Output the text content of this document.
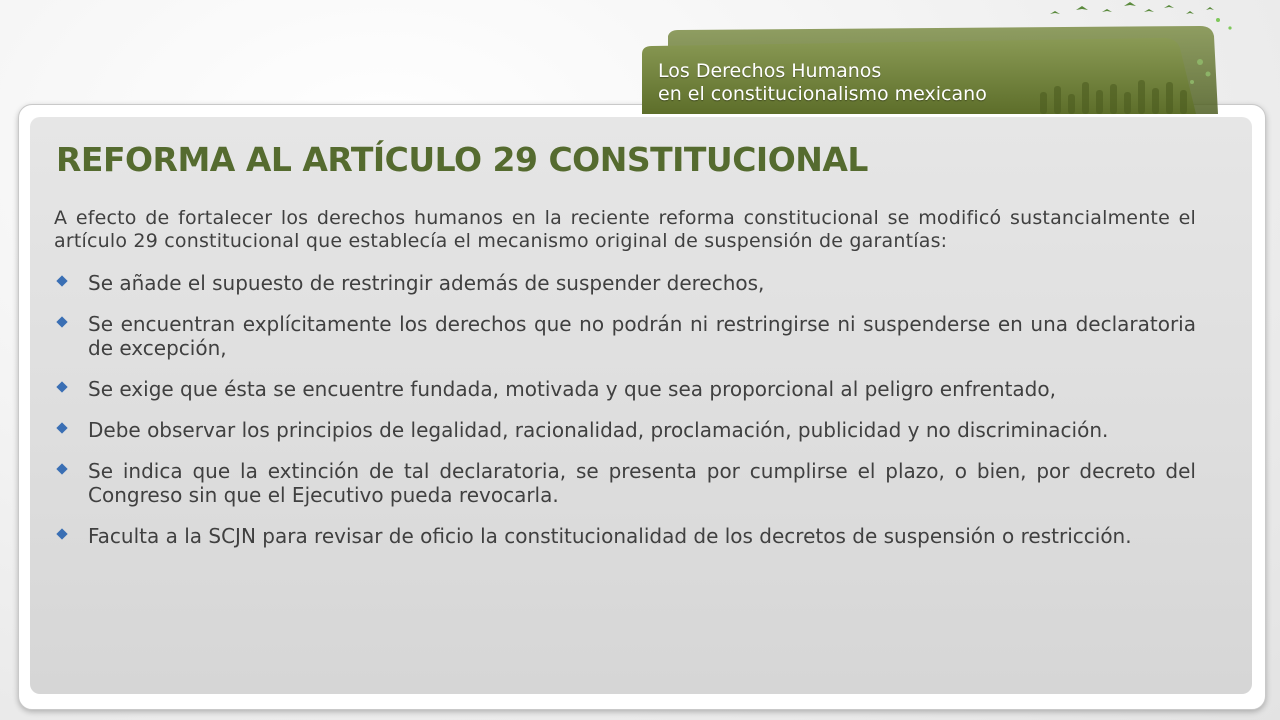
Los Derechos Humanos
en el constitucionalismo mexicano
REFORMA AL ARTÍCULO 29 CONSTITUCIONAL

A efecto de fortalecer los derechos humanos en la reciente reforma constitucional se modificó sustancialmente el artículo 29 constitucional que establecía el mecanismo original de suspensión de garantías:

Se añade el supuesto de restringir además de suspender derechos,
Se encuentran explícitamente los derechos que no podrán ni restringirse ni suspenderse en una declaratoria de excepción,
Se exige que ésta se encuentre fundada, motivada y que sea proporcional al peligro enfrentado,
Debe observar los principios de legalidad, racionalidad, proclamación, publicidad y no discriminación.
Se indica que la extinción de tal declaratoria, se presenta por cumplirse el plazo, o bien, por decreto del Congreso sin que el Ejecutivo pueda revocarla.
Faculta a la SCJN para revisar de oficio la constitucionalidad de los decretos de suspensión o restricción.
